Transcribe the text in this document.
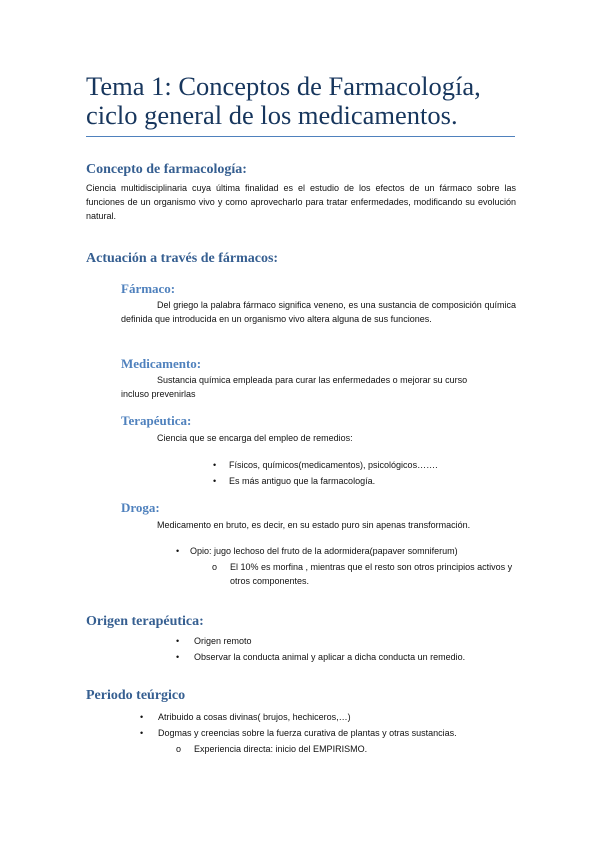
Tema 1: Conceptos de Farmacología,
ciclo general de los medicamentos.
Concepto de farmacología:

Ciencia multidisciplinaria cuya última finalidad es el estudio de los efectos de un fármaco sobre las funciones de un organismo vivo y como aprovecharlo para tratar enfermedades, modificando su evolución natural.

Actuación a través de fármacos:
Fármaco:

Del griego la palabra fármaco significa veneno, es una sustancia de composición química definida que introducida en un organismo vivo altera alguna de sus funciones.

Medicamento:

Sustancia química empleada para curar las enfermedades o mejorar su curso

incluso prevenirlas

Terapéutica:

Ciencia que se encarga del empleo de remedios:

• Físicos, químicos(medicamentos), psicológicos…….
• Es más antiguo que la farmacología.
Droga:

Medicamento en bruto, es decir, en su estado puro sin apenas transformación.

• Opio: jugo lechoso del fruto de la adormidera(papaver somniferum)
o El 10% es morfina , mientras que el resto son otros principios activos y otros componentes.
Origen terapéutica:
• Origen remoto
• Observar la conducta animal y aplicar a dicha conducta un remedio.
Periodo teúrgico
• Atribuido a cosas divinas( brujos, hechiceros,…)
• Dogmas y creencias sobre la fuerza curativa de plantas y otras sustancias.
o Experiencia directa: inicio del EMPIRISMO.
